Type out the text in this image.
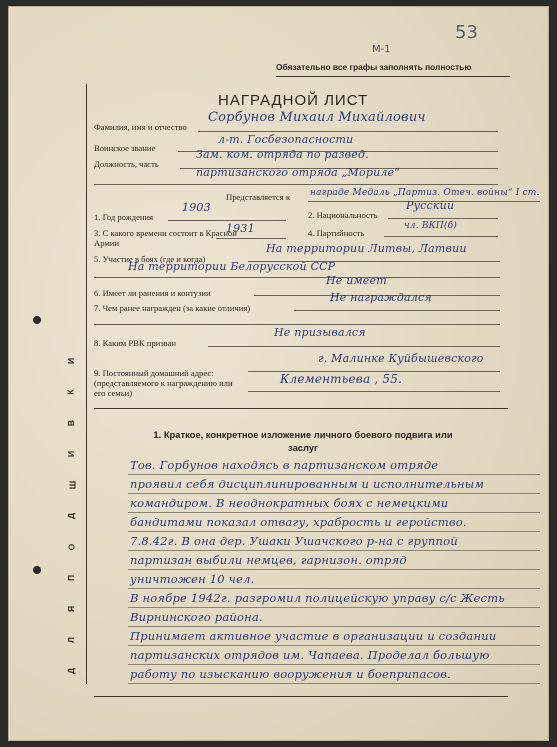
53
М-1
Обязательно все графы заполнять полностью
Д
Л
Я
П
О
Д
Ш
И
В
К
И
НАГРАДНОЙ ЛИСТ
Фамилия, имя и отчество
Сорбунов Михаил Михайлович
Воинское звание
л-т. Госбезопасности
Должность, часть
Зам. ком. отряда по развед.
партизанского отряда „Мориле“
Представляется к награде Медаль „Партиз. Отеч. войны“ I ст.
1. Год рождения
1903
2. Национальность
Русский
3. С какого времени состоит в Красной Армии
1931	4. Партийность
чл. ВКП(б)
5. Участие в боях (где и когда)
На территории Литвы, Латвии
На территории Белорусской ССР
6. Имеет ли ранения и контузии
Не имеет
7. Чем ранее награжден (за какие отличия)
Не награждался
8. Каким РВК призван
Не призывался
9. Постоянный домашний адрес: (представляемого к награждению или его семьи)
г. Малинке Куйбышевского
Клементьева , 55.
1. Краткое, конкретное изложение личного боевого подвига или заслуг
Тов. Горбунов находясь в партизанском отряде
проявил себя дисциплинированным и исполнительным
командиром. В неоднократных боях с немецкими
бандитами показал отвагу, храбрость и геройство.
7.8.42г. В она дер. Ушаки Ушачского р-на с группой
партизан выбили немцев, гарнизон. отряд
уничтожен 10 чел.
В ноябре 1942г. разгромил полицейскую управу с/с Жесть
Вирнинского района.
Принимает активное участие в организации и создании
партизанских отрядов им. Чапаева. Проделал большую
работу по изысканию вооружения и боеприпасов.
